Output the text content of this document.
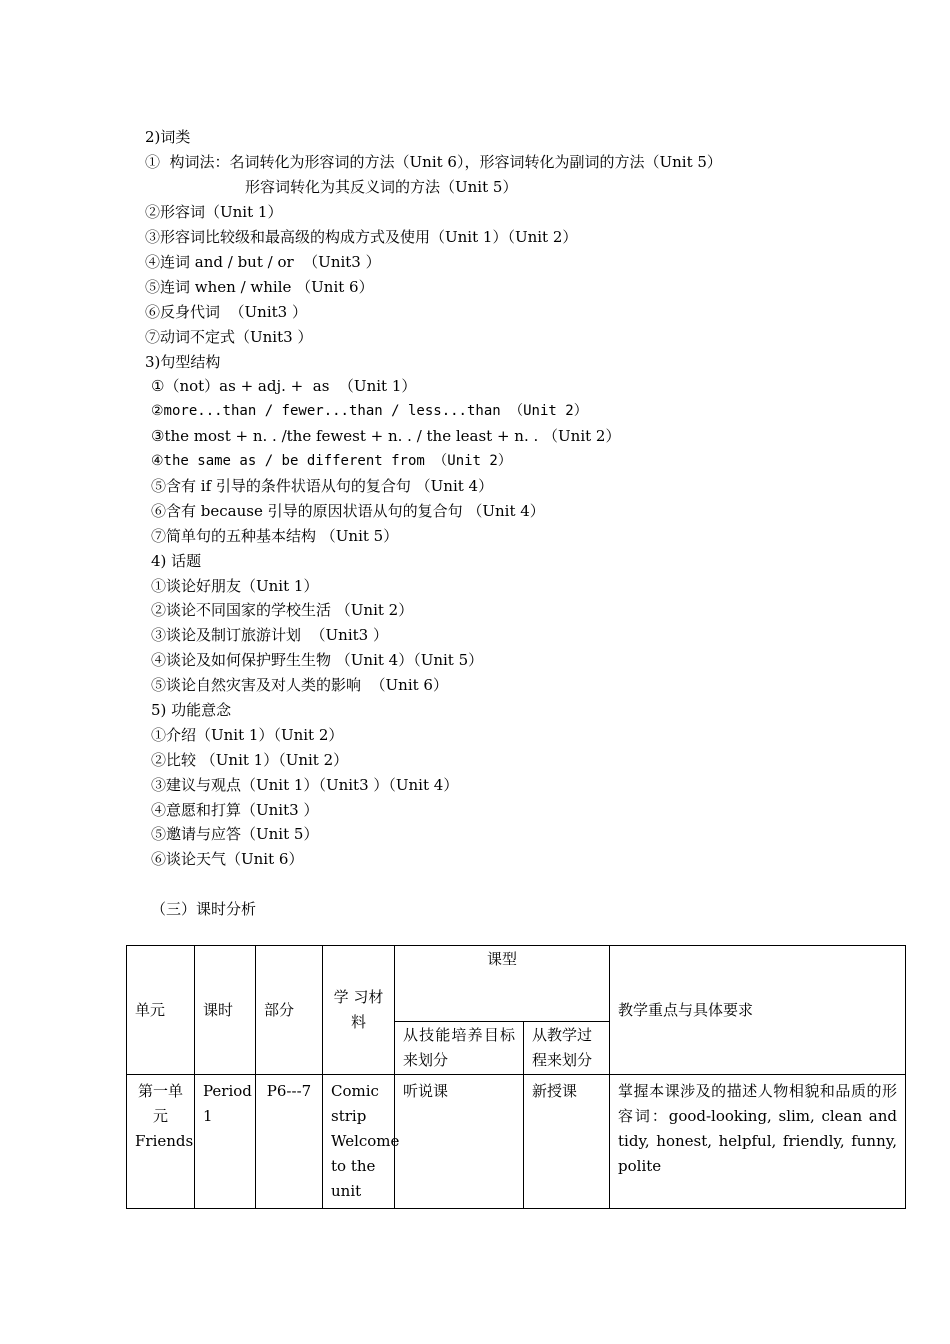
2)词类
①  构词法：名词转化为形容词的方法（Unit 6），形容词转化为副词的方法（Unit 5）
形容词转化为其反义词的方法（Unit 5）
②形容词（Unit 1）
③形容词比较级和最高级的构成方式及使用（Unit 1）（Unit 2）
④连词 and / but / or  （Unit3 ）
⑤连词 when / while （Unit 6）
⑥反身代词  （Unit3 ）
⑦动词不定式（Unit3 ）
3)句型结构
①（not）as + adj. +  as  （Unit 1）
②more...than / fewer...than / less...than （Unit 2）
③the most + n. . /the fewest + n. . / the least + n. . （Unit 2）
④the same as / be different from （Unit 2）
⑤含有 if 引导的条件状语从句的复合句 （Unit 4）
⑥含有 because 引导的原因状语从句的复合句 （Unit 4）
⑦简单句的五种基本结构 （Unit 5）
4) 话题
①谈论好朋友（Unit 1）
②谈论不同国家的学校生活 （Unit 2）
③谈论及制订旅游计划  （Unit3 ）
④谈论及如何保护野生生物 （Unit 4）（Unit 5）
⑤谈论自然灾害及对人类的影响  （Unit 6）
5) 功能意念
①介绍（Unit 1）（Unit 2）
②比较 （Unit 1）（Unit 2）
③建议与观点（Unit 1）（Unit3 ）（Unit 4）
④意愿和打算（Unit3 ）
⑤邀请与应答（Unit 5）
⑥谈论天气（Unit 6）
（三）课时分析
单元	课时	部分	学 习材料	课型		教学重点与具体要求
				从技能培养目标来划分	从教学过程来划分	
第一单元Friends	Period 1	P6---7	Comic strip Welcome to the unit	听说课	新授课	掌握本课涉及的描述人物相貌和品质的形容词：good-looking, slim, clean and tidy, honest, helpful, friendly, funny, polite
